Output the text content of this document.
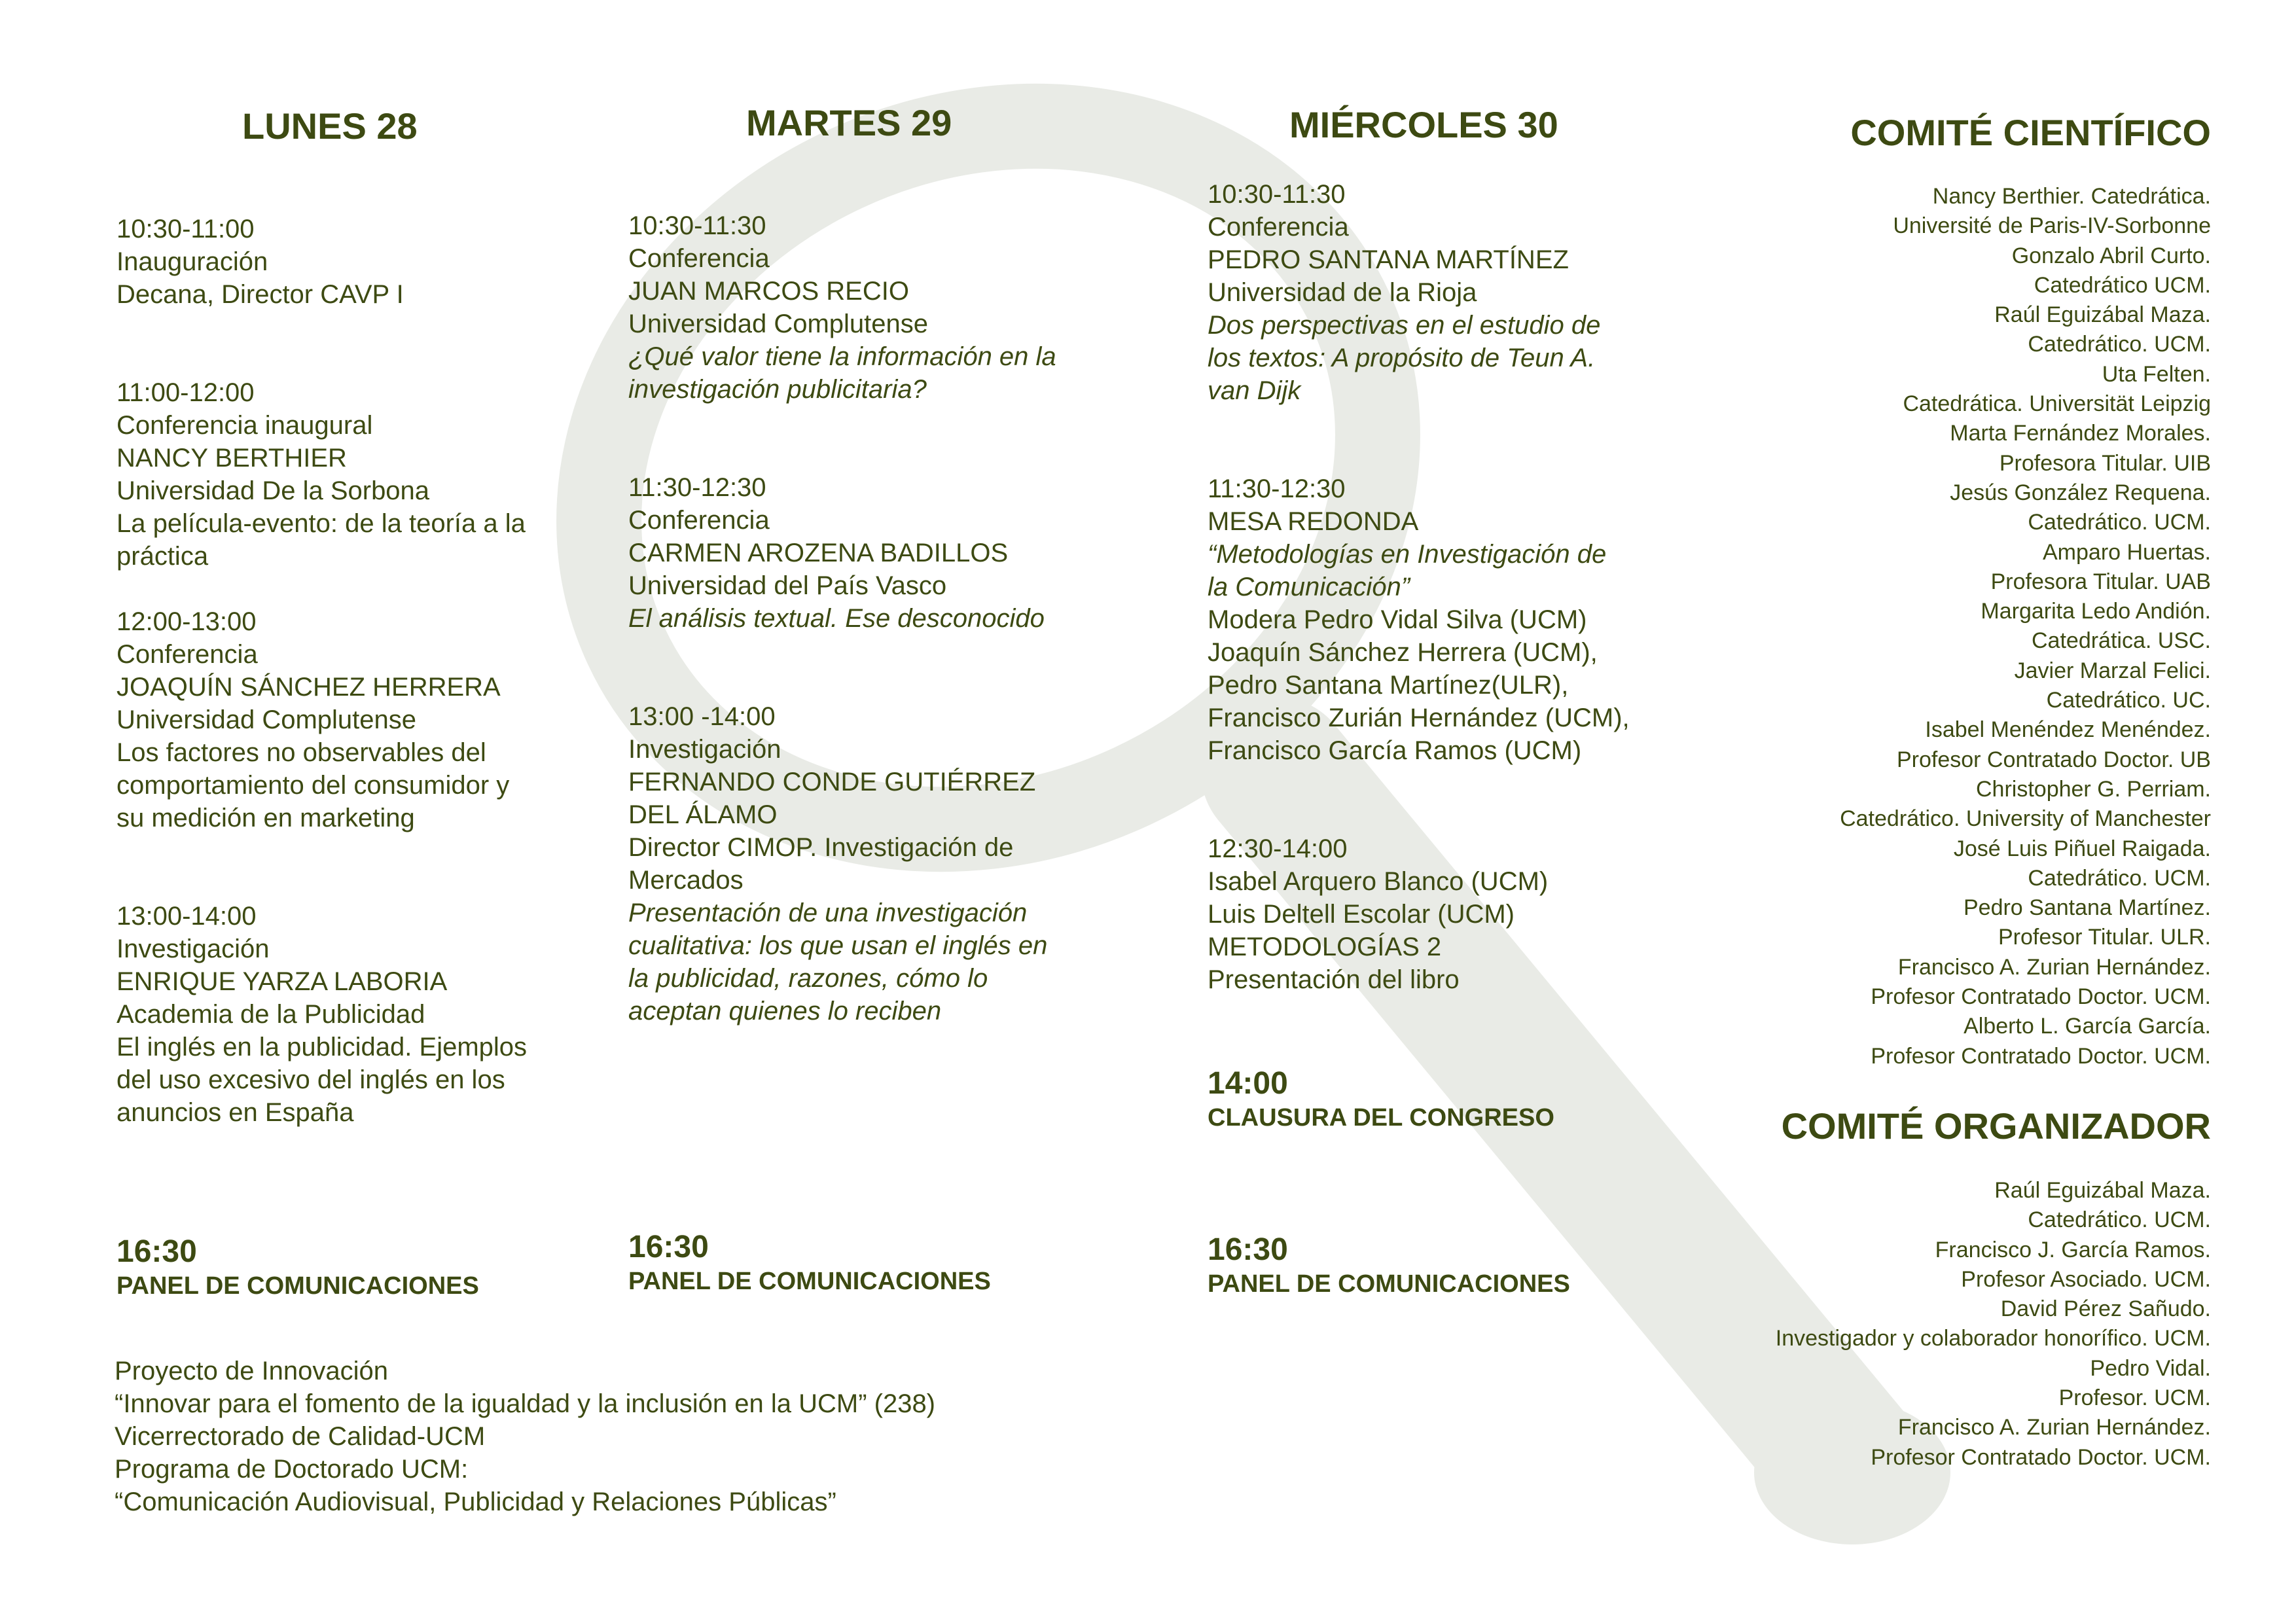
LUNES 28
10:30-11:00
Inauguración
Decana, Director CAVP I
11:00-12:00
Conferencia inaugural
NANCY BERTHIER
Universidad De la Sorbona
La película-evento: de la teoría a la
práctica
12:00-13:00
Conferencia
JOAQUÍN SÁNCHEZ HERRERA
Universidad Complutense
Los factores no observables del
comportamiento del consumidor y
su medición en marketing
13:00-14:00
Investigación
ENRIQUE YARZA LABORIA
Academia de la Publicidad
El inglés en la publicidad. Ejemplos
del uso excesivo del inglés en los
anuncios en España
16:30
PANEL DE COMUNICACIONES
MARTES 29
10:30-11:30
Conferencia
JUAN MARCOS RECIO
Universidad Complutense
¿Qué valor tiene la información en la
investigación publicitaria?
11:30-12:30
Conferencia
CARMEN AROZENA BADILLOS
Universidad del País Vasco
El análisis textual. Ese desconocido
13:00 -14:00
Investigación
FERNANDO CONDE GUTIÉRREZ
DEL ÁLAMO
Director CIMOP. Investigación de
Mercados
Presentación de una investigación
cualitativa: los que usan el inglés en
la publicidad, razones, cómo lo
aceptan quienes lo reciben
16:30
PANEL DE COMUNICACIONES
MIÉRCOLES 30
10:30-11:30
Conferencia
PEDRO SANTANA MARTÍNEZ
Universidad de la Rioja
Dos perspectivas en el estudio de
los textos: A propósito de Teun A.
van Dijk
11:30-12:30
MESA REDONDA
“Metodologías en Investigación de
la Comunicación”
Modera Pedro Vidal Silva (UCM)
Joaquín Sánchez Herrera (UCM),
Pedro Santana Martínez(ULR),
Francisco Zurián Hernández (UCM),
Francisco García Ramos (UCM)
12:30-14:00
Isabel Arquero Blanco (UCM)
Luis Deltell Escolar (UCM)
METODOLOGÍAS 2
Presentación del libro
14:00
CLAUSURA DEL CONGRESO
16:30
PANEL DE COMUNICACIONES
COMITÉ CIENTÍFICO
Nancy Berthier. Catedrática.
Université de Paris-IV-Sorbonne
Gonzalo Abril Curto.
Catedrático UCM.
Raúl Eguizábal Maza.
Catedrático. UCM.
Uta Felten.
Catedrática. Universität Leipzig
Marta Fernández Morales.
Profesora Titular. UIB
Jesús González Requena.
Catedrático. UCM.
Amparo Huertas.
Profesora Titular. UAB
Margarita Ledo Andión.
Catedrática. USC.
Javier Marzal Felici.
Catedrático. UC.
Isabel Menéndez Menéndez.
Profesor Contratado Doctor. UB
Christopher G. Perriam.
Catedrático. University of Manchester
José Luis Piñuel Raigada.
Catedrático. UCM.
Pedro Santana Martínez.
Profesor Titular. ULR.
Francisco A. Zurian Hernández.
Profesor Contratado Doctor. UCM.
Alberto L. García García.
Profesor Contratado Doctor. UCM.
COMITÉ ORGANIZADOR
Raúl Eguizábal Maza.
Catedrático. UCM.
Francisco J. García Ramos.
Profesor Asociado. UCM.
David Pérez Sañudo.
Investigador y colaborador honorífico. UCM.
Pedro Vidal.
Profesor. UCM.
Francisco A. Zurian Hernández.
Profesor Contratado Doctor. UCM.
Proyecto de Innovación
“Innovar para el fomento de la igualdad y la inclusión en la UCM” (238)
Vicerrectorado de Calidad-UCM
Programa de Doctorado UCM:
“Comunicación Audiovisual, Publicidad y Relaciones Públicas”
